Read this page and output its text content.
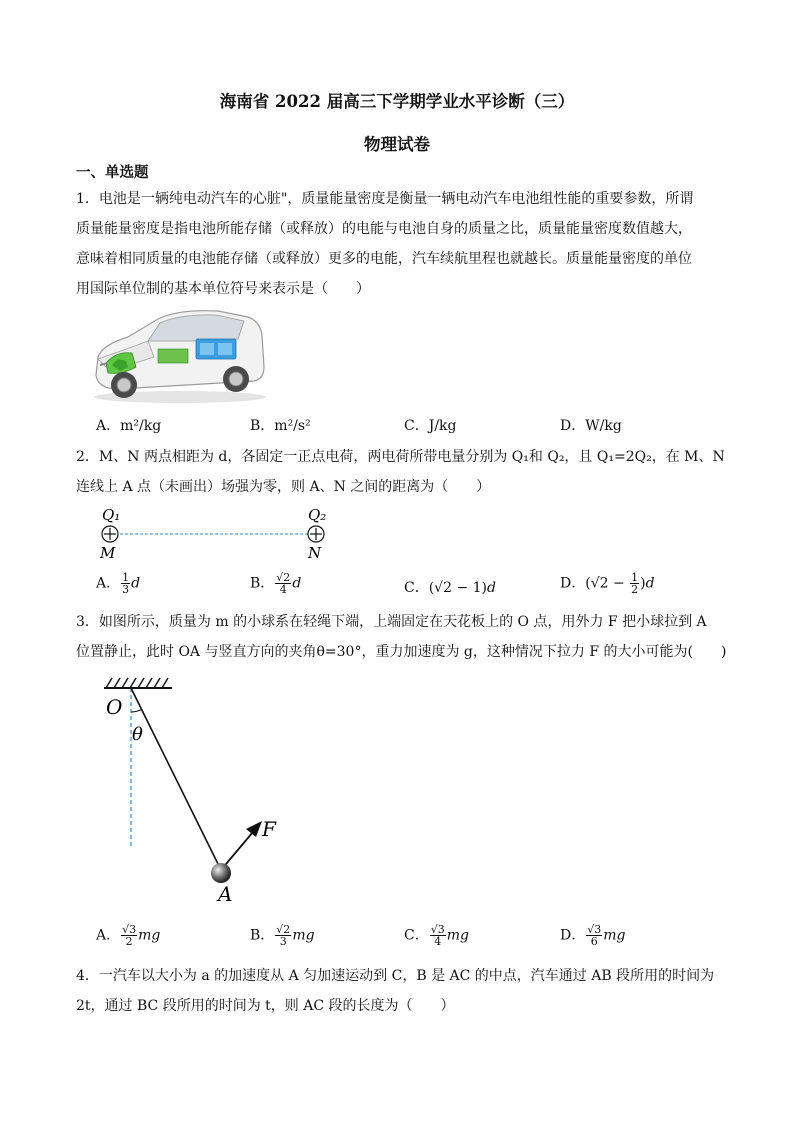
海南省 2022 届高三下学期学业水平诊断（三）
物理试卷
一、单选题
1．电池是一辆纯电动汽车的心脏"，质量能量密度是衡量一辆电动汽车电池组性能的重要参数，所谓
质量能量密度是指电池所能存储（或释放）的电能与电池自身的质量之比，质量能量密度数值越大，
意味着相同质量的电池能存储（或释放）更多的电能，汽车续航里程也就越长。质量能量密度的单位
用国际单位制的基本单位符号来表示是（　　）
A．m²/kg	B．m²/s²	C．J/kg	D．W/kg
2．M、N 两点相距为 d，各固定一正点电荷，两电荷所带电量分别为 Q₁和 Q₂，且 Q₁=2Q₂，在 M、N
连线上 A 点（未画出）场强为零，则 A、N 之间的距离为（　　）
Q₁	Q₂
M	N
A． $\frac{1}{3}$ d	B． $\frac{√2}{4}$ d	C．(√2 − 1)d	D．$(√2 - \frac{1}{2} )d$
3．如图所示，质量为 m 的小球系在轻绳下端，上端固定在天花板上的 O 点，用外力 F 把小球拉到 A
位置静止，此时 OA 与竖直方向的夹角θ=30°，重力加速度为 g，这种情况下拉力 F 的大小可能为(　　)
O
θ
F
A
A． $\frac{√3}{2}$ mg	B． $\frac{√2}{3}$ mg	C． $\frac{√3}{4}$ mg	D． $\frac{√3}{6}$ mg
4．一汽车以大小为 a 的加速度从 A 匀加速运动到 C，B 是 AC 的中点，汽车通过 AB 段所用的时间为
2t，通过 BC 段所用的时间为 t，则 AC 段的长度为（　　）
